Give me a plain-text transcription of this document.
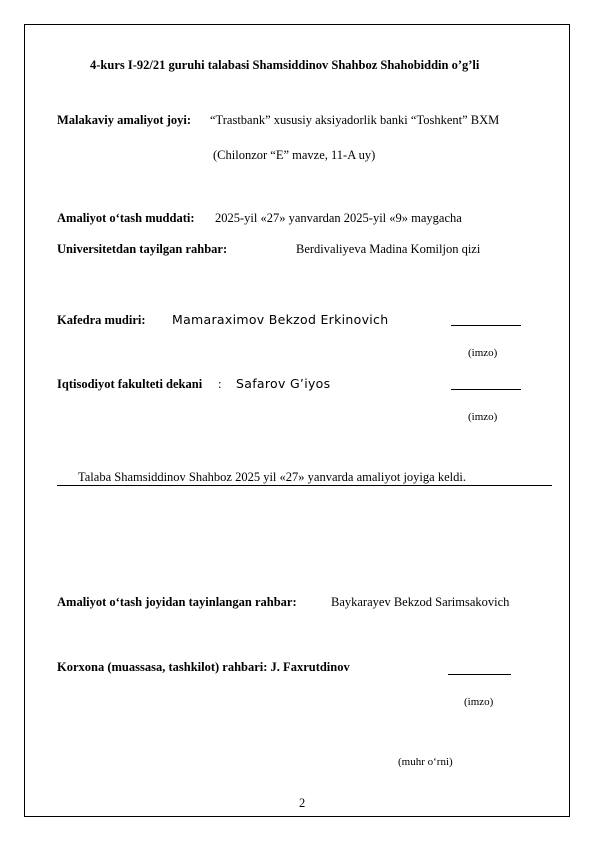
4-kurs I-92/21 guruhi talabasi Shamsiddinov Shahboz Shahobiddin o’g’li
Malakaviy amaliyot joyi: “Trastbank” xususiy aksiyadorlik banki “Toshkent” BXM
(Chilonzor “E” mavze, 11-A uy)
Amaliyot o‘tash muddati: 2025-yil «27» yanvardan 2025-yil «9» maygacha
Universitetdan tayilgan rahbar:	Berdivaliyeva Madina Komiljon qizi
Kafedra mudiri: Mamaraximov Bekzod Erkinovich
(imzo)
Iqtisodiyot fakulteti dekani : Safarov G’iyos
(imzo)
Talaba Shamsiddinov Shahboz 2025 yil «27» yanvarda amaliyot joyiga keldi.
Amaliyot o‘tash joyidan tayinlangan rahbar:	Baykarayev Bekzod Sarimsakovich
Korxona (muassasa, tashkilot) rahbari: J. Faxrutdinov
(imzo)
(muhr o‘rni)
2
